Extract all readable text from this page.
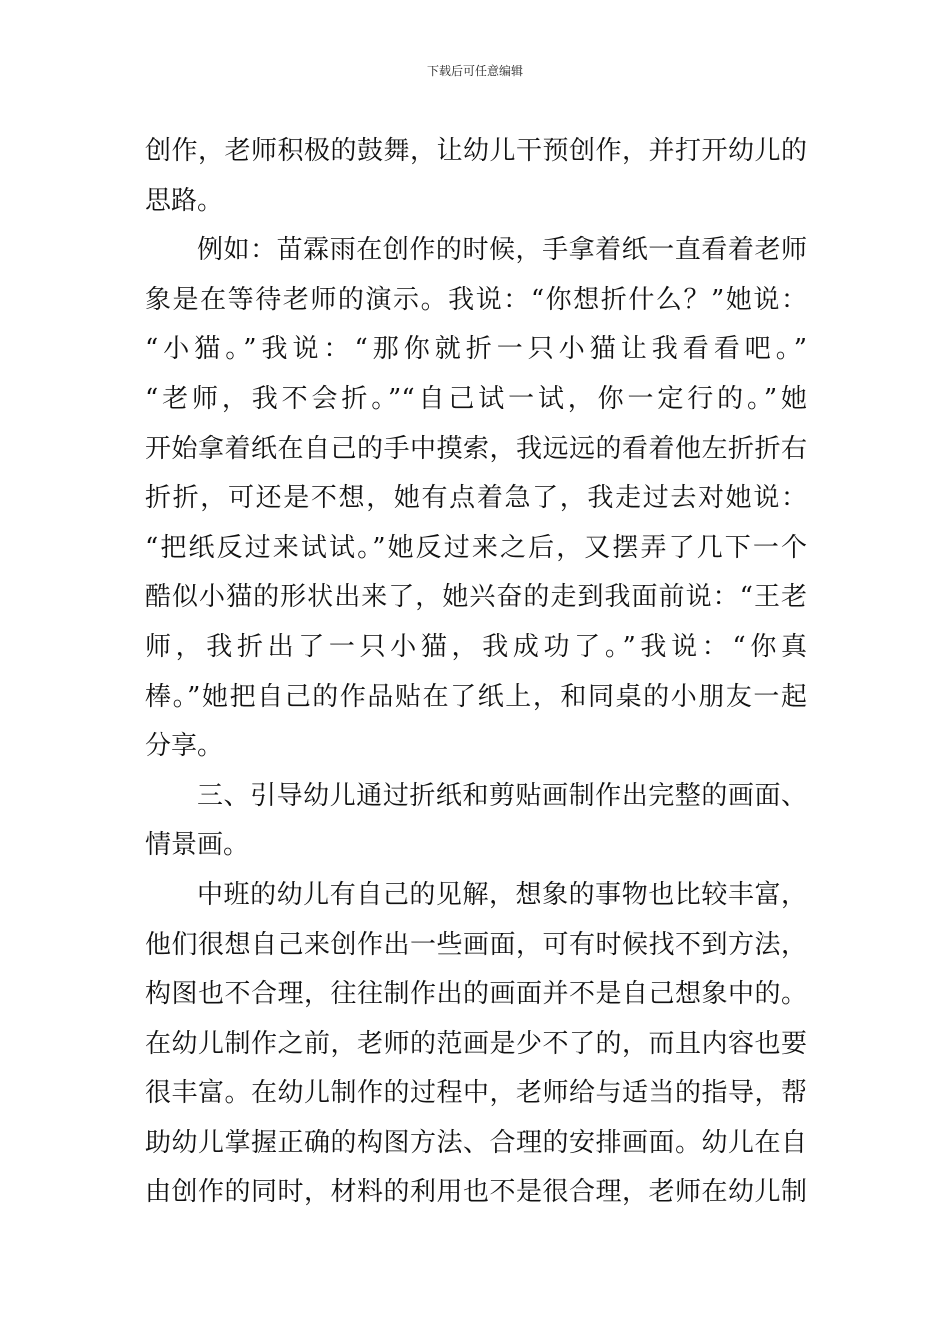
下载后可任意编辑

创作，老师积极的鼓舞，让幼儿干预创作，并打开幼儿的
思路。

例如：苗霖雨在创作的时候，手拿着纸一直看着老师
象是在等待老师的演示。我说：“你想折什么？”她说：
“小猫。”我说：“那你就折一只小猫让我看看吧。”
“老师，我不会折。”“自己试一试，你一定行的。”她
开始拿着纸在自己的手中摸索，我远远的看着他左折折右
折折，可还是不想，她有点着急了，我走过去对她说：
“把纸反过来试试。”她反过来之后，又摆弄了几下一个
酷似小猫的形状出来了，她兴奋的走到我面前说：“王老
师，我折出了一只小猫，我成功了。”我说：“你真
棒。”她把自己的作品贴在了纸上，和同桌的小朋友一起
分享。

三、引导幼儿通过折纸和剪贴画制作出完整的画面、
情景画。

中班的幼儿有自己的见解，想象的事物也比较丰富，
他们很想自己来创作出一些画面，可有时候找不到方法，
构图也不合理，往往制作出的画面并不是自己想象中的。
在幼儿制作之前，老师的范画是少不了的，而且内容也要
很丰富。在幼儿制作的过程中，老师给与适当的指导，帮
助幼儿掌握正确的构图方法、合理的安排画面。幼儿在自
由创作的同时，材料的利用也不是很合理，老师在幼儿制
